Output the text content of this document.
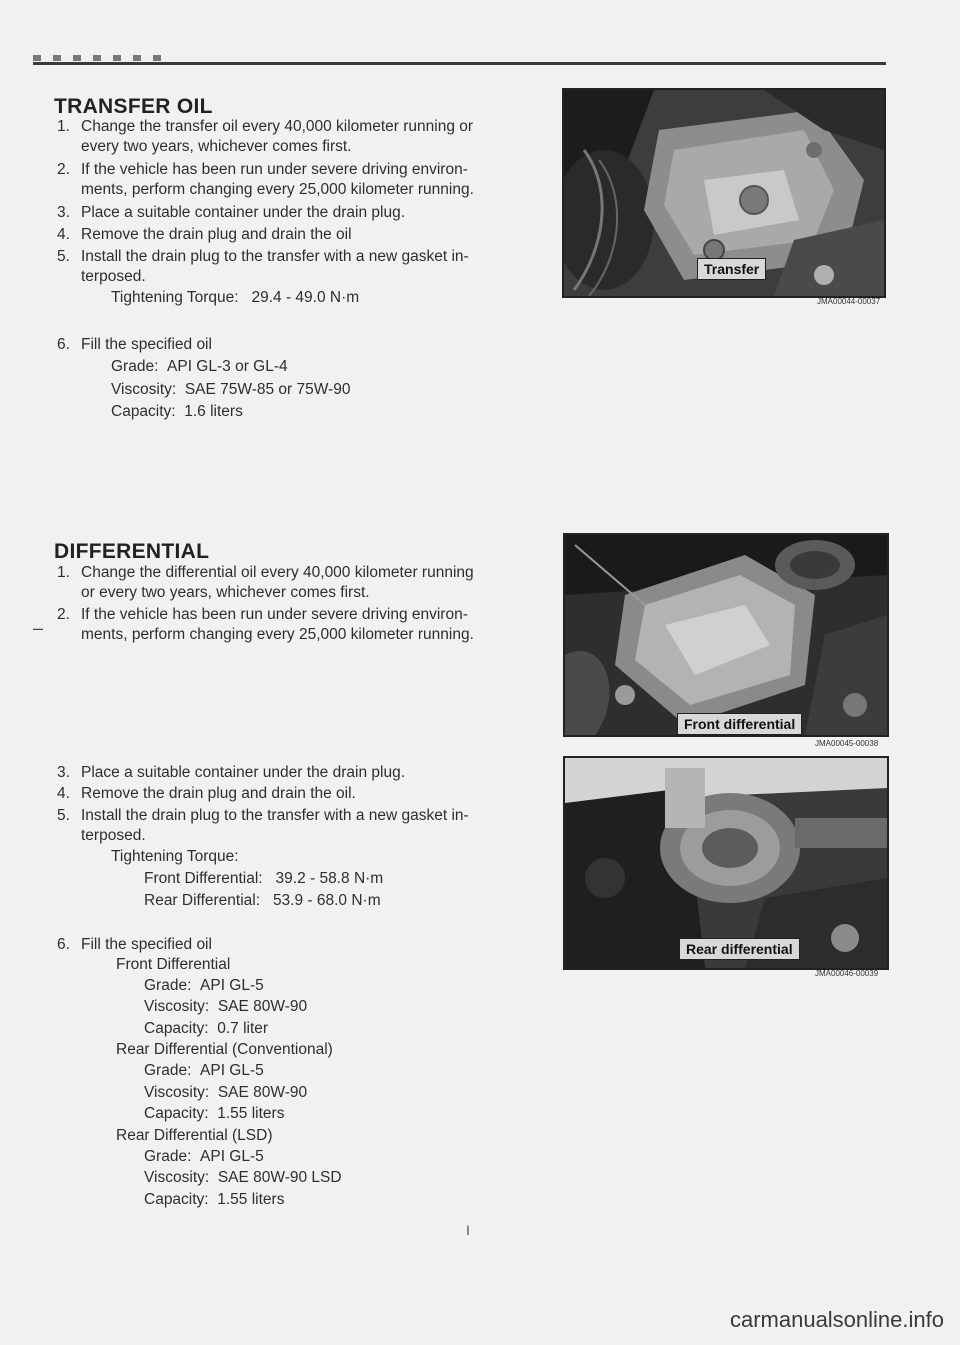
TRANSFER OIL

1. Change the transfer oil every 40,000 kilometer running or

every two years, whichever comes first.

2. If the vehicle has been run under severe driving environ-

ments, perform changing every 25,000 kilometer running.

3. Place a suitable container under the drain plug.

4. Remove the drain plug and drain the oil

5. Install the drain plug to the transfer with a new gasket in-

terposed.

Tightening Torque: 29.4 - 49.0 N·m

6. Fill the specified oil

Grade: API GL-3 or GL-4

Viscosity: SAE 75W-85 or 75W-90

Capacity: 1.6 liters

Transfer
JMA00044-00037
DIFFERENTIAL
–

1. Change the differential oil every 40,000 kilometer running

or every two years, whichever comes first.

2. If the vehicle has been run under severe driving environ-

ments, perform changing every 25,000 kilometer running.

Front differential
JMA00045-00038

3. Place a suitable container under the drain plug.

4. Remove the drain plug and drain the oil.

5. Install the drain plug to the transfer with a new gasket in-

terposed.

Tightening Torque:

Front Differential: 39.2 - 58.8 N·m

Rear Differential: 53.9 - 68.0 N·m

6. Fill the specified oil

Front Differential

Grade: API GL-5

Viscosity: SAE 80W-90

Capacity: 0.7 liter

Rear Differential (Conventional)

Grade: API GL-5

Viscosity: SAE 80W-90

Capacity: 1.55 liters

Rear Differential (LSD)

Grade: API GL-5

Viscosity: SAE 80W-90 LSD

Capacity: 1.55 liters

Rear differential
JMA00046-00039
I
carmanualsonline.info
